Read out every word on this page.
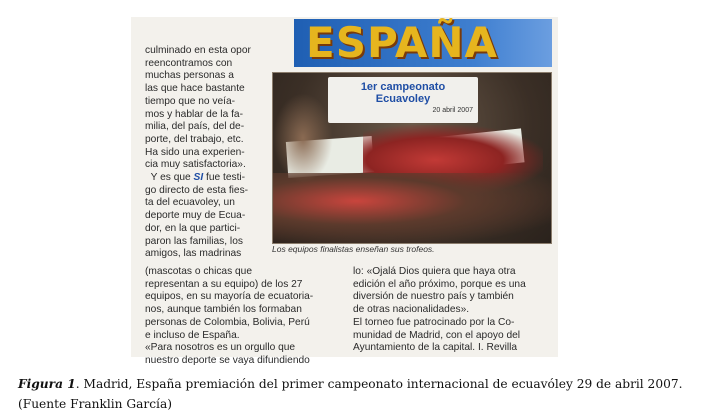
ESPAÑA

culminado en esta opor

reencontramos con

muchas personas a

las que hace bastante

tiempo que no veía-

mos y hablar de la fa-

milia, del país, del de-

porte, del trabajo, etc.

Ha sido una experien-

cia muy satisfactoria».

Y es que SI fue testi-

go directo de esta fies-

ta del ecuavoley, un

deporte muy de Ecua-

dor, en la que partici-

paron las familias, los

amigos, las madrinas

1er campeonato Ecuavoley
20 abril 2007
Los equipos finalistas enseñan sus trofeos.

(mascotas o chicas que

representan a su equipo) de los 27

equipos, en su mayoría de ecuatoria-

nos, aunque también los formaban

personas de Colombia, Bolivia, Perú

e incluso de España.

«Para nosotros es un orgullo que

nuestro deporte se vaya difundiendo

lo: «Ojalá Dios quiera que haya otra

edición el año próximo, porque es una

diversión de nuestro país y también

de otras nacionalidades».

El torneo fue patrocinado por la Co-

munidad de Madrid, con el apoyo del

Ayuntamiento de la capital. I. Revilla

Figura 1. Madrid, España premiación del primer campeonato internacional de ecuavóley 29 de abril 2007.
(Fuente Franklin García)
